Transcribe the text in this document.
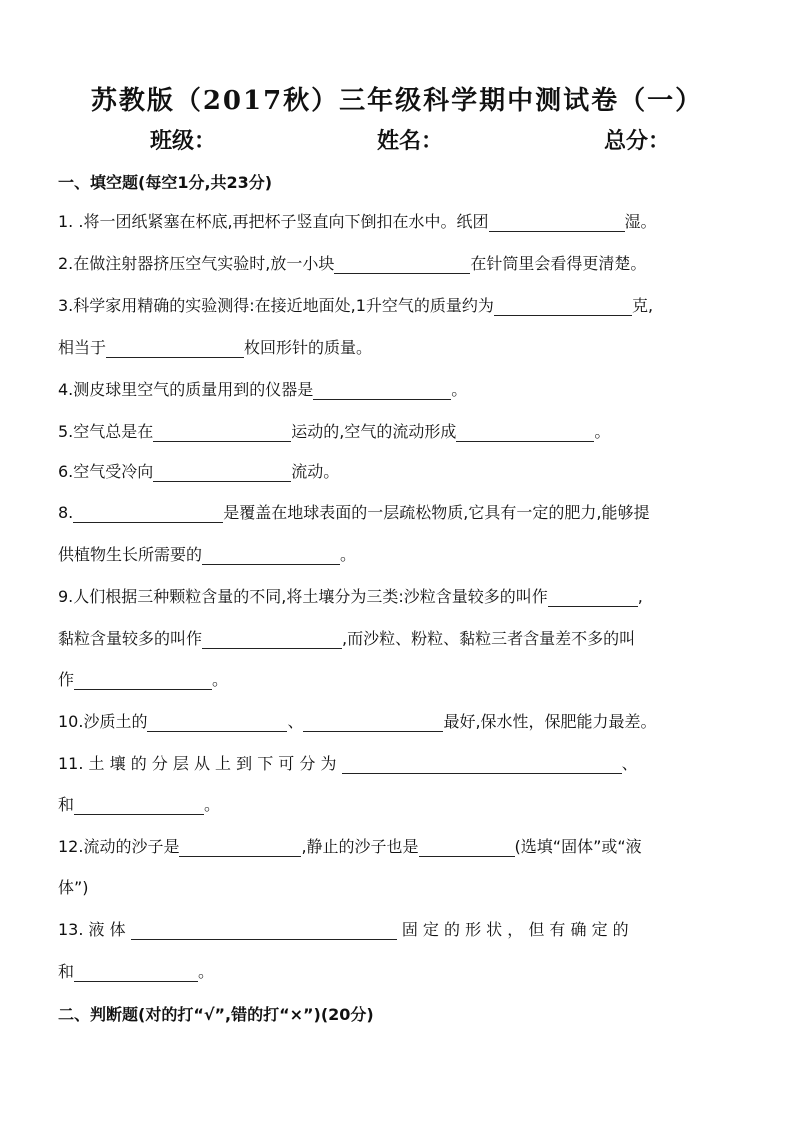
苏教版（2017秋）三年级科学期中测试卷（一）
班级：	姓名：	总分：
一、填空题(每空1分,共23分)
1. .将一团纸紧塞在杯底,再把杯子竖直向下倒扣在水中。纸团	湿。
2.在做注射器挤压空气实验时,放一小块	在针筒里会看得更清楚。
3.科学家用精确的实验测得:在接近地面处,1升空气的质量约为	克,
相当于	枚回形针的质量。
4.测皮球里空气的质量用到的仪器是	。
5.空气总是在	运动的,空气的流动形成	。
6.空气受冷向	流动。
8.	是覆盖在地球表面的一层疏松物质,它具有一定的肥力,能够提
供植物生长所需要的	。
9.人们根据三种颗粒含量的不同,将土壤分为三类:沙粒含量较多的叫作	,
黏粒含量较多的叫作	,而沙粒、粉粒、黏粒三者含量差不多的叫
作	。
10.沙质土的	、	最好,保水性，保肥能力最差。
11. 土 壤 的 分 层 从 上 到 下 可 分 为	、
和	。
12.流动的沙子是	,静止的沙子也是	(选填“固体”或“液
体”)
13. 液 体	固 定 的 形 状 ， 但 有 确 定 的
和	。
二、判断题(对的打“√”,错的打“×”)(20分)
